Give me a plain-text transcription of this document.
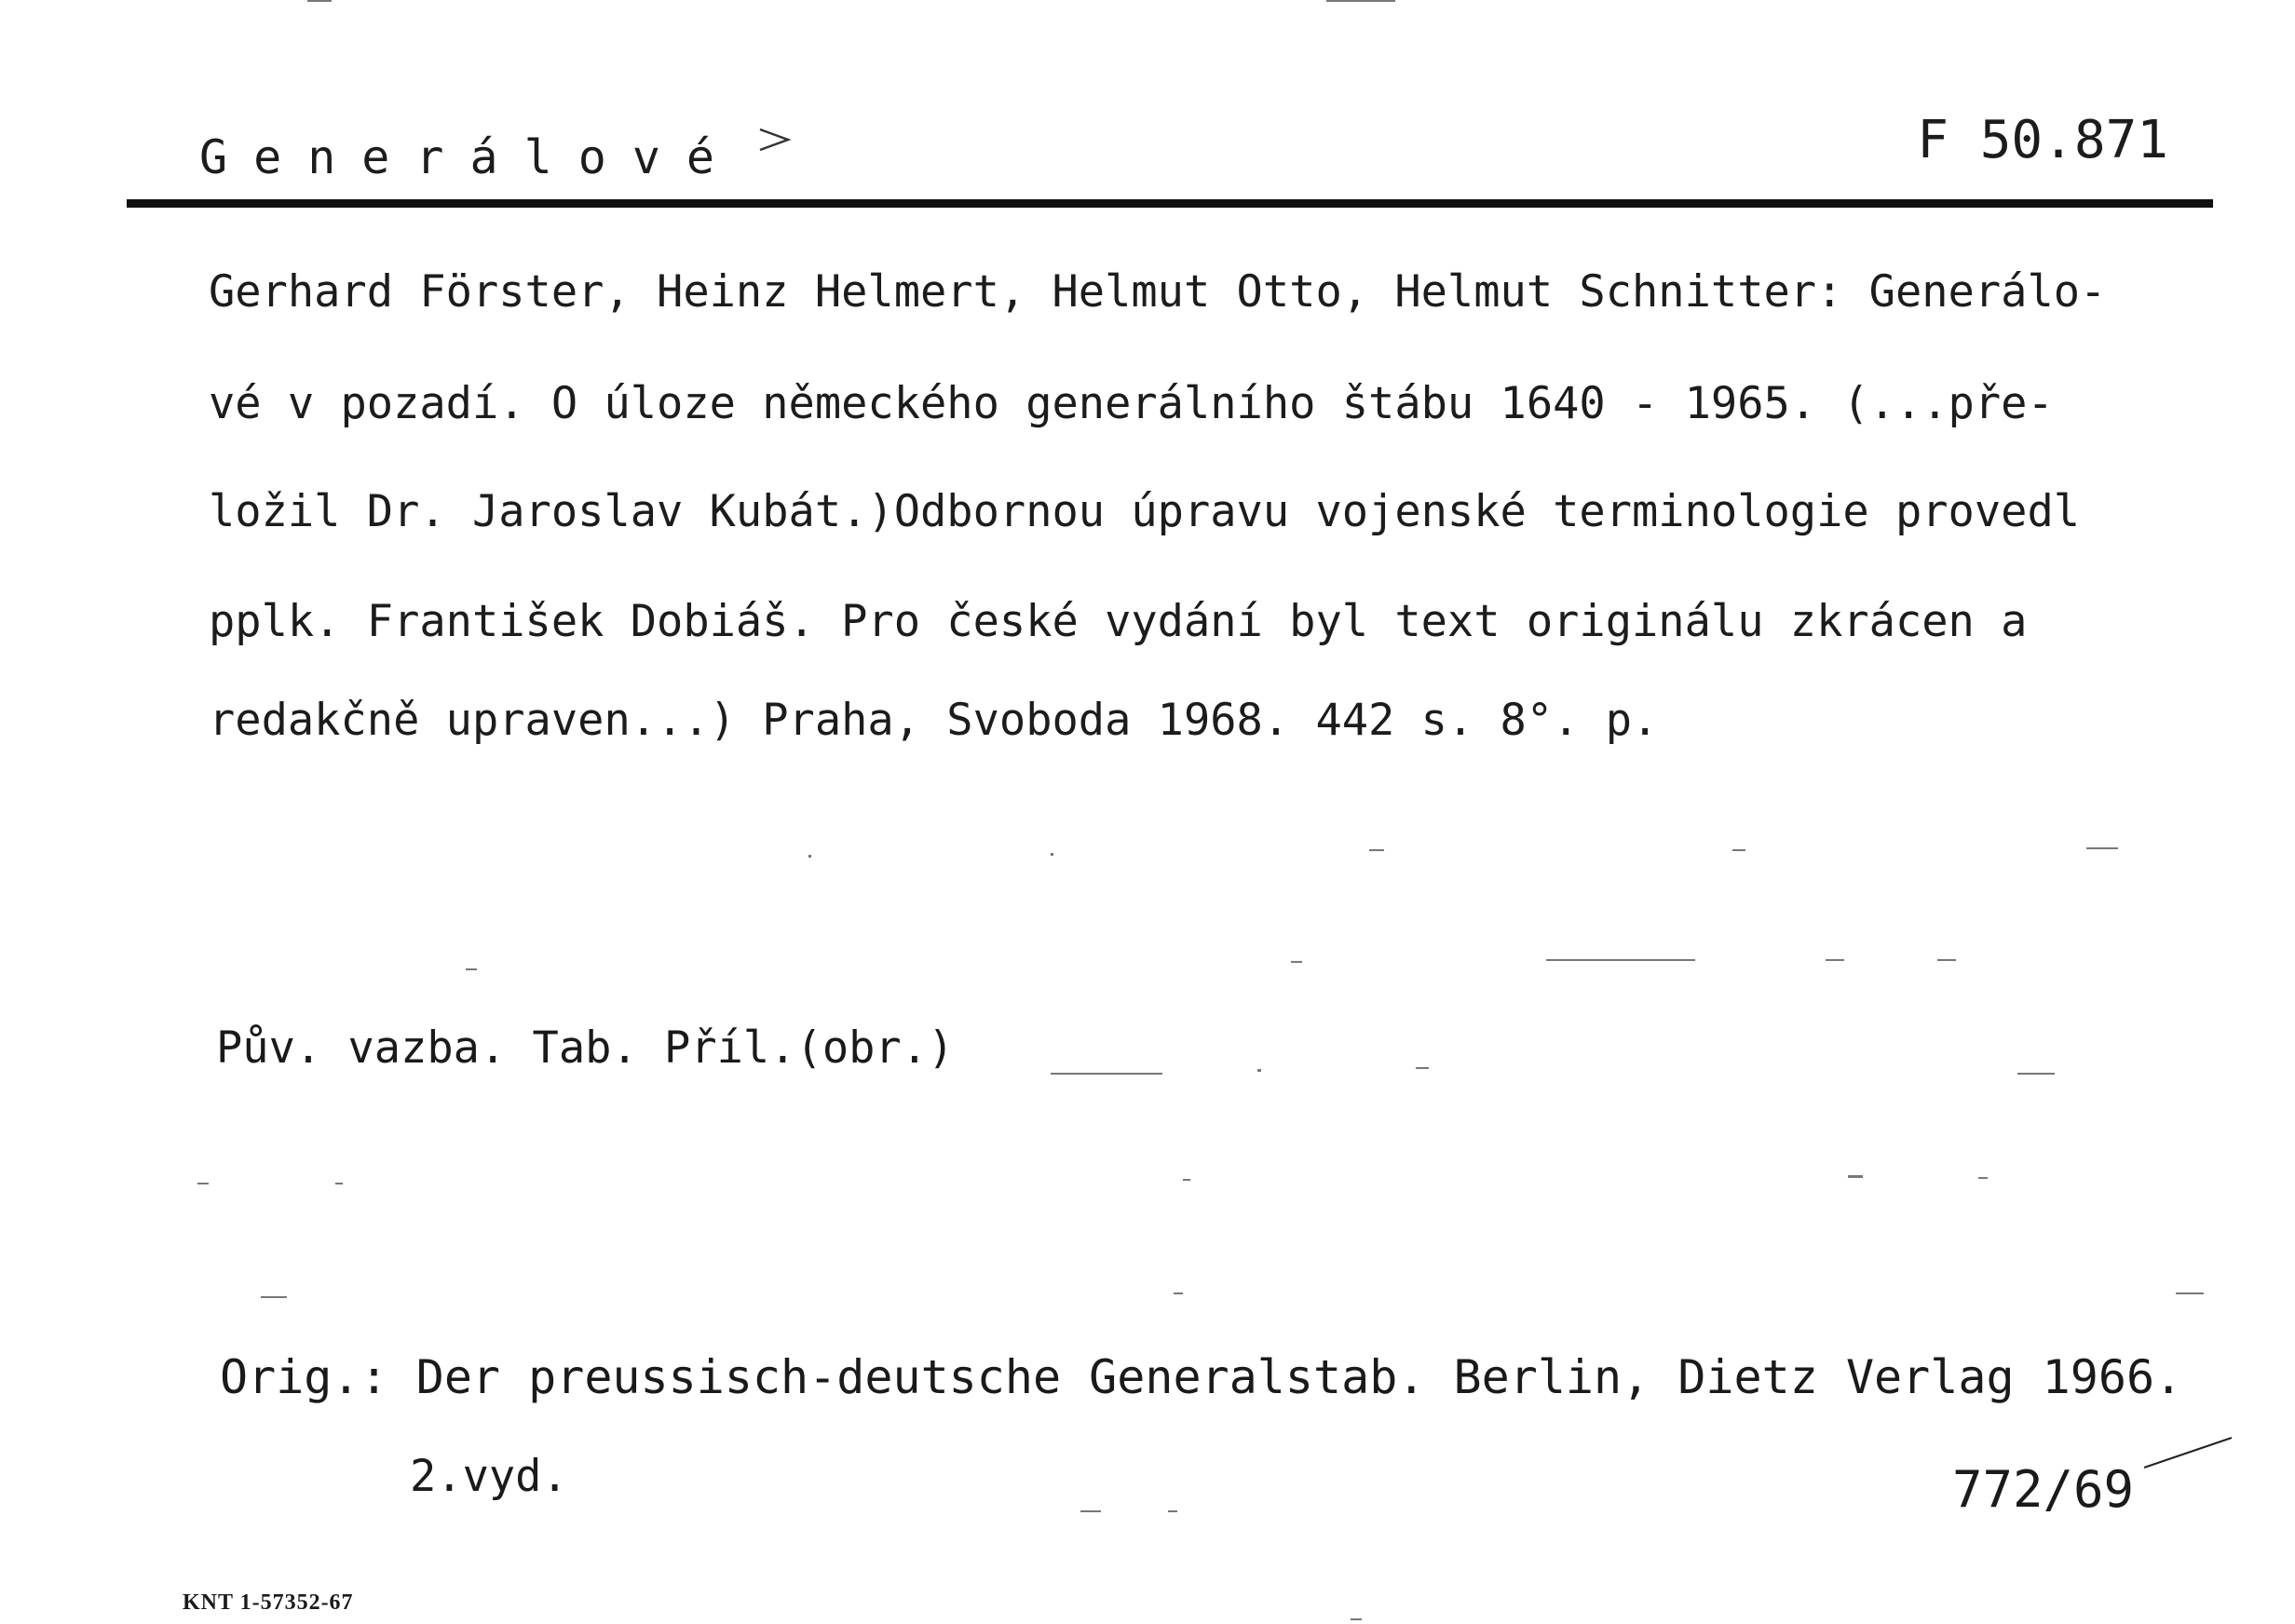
Generálové	F 50.871
Gerhard Förster, Heinz Helmert, Helmut Otto, Helmut Schnitter: Generálo-
vé v pozadí. O úloze německého generálního štábu 1640 - 1965. (...pře-
ložil Dr. Jaroslav Kubát.)Odbornou úpravu vojenské terminologie provedl
pplk. František Dobiáš. Pro české vydání byl text originálu zkrácen a
redakčně upraven...) Praha, Svoboda 1968. 442 s. 8°. p.
Pův. vazba. Tab. Příl.(obr.)
Orig.: Der preussisch-deutsche Generalstab. Berlin, Dietz Verlag 1966.
2.vyd.	772/69
KNT 1-57352-67
